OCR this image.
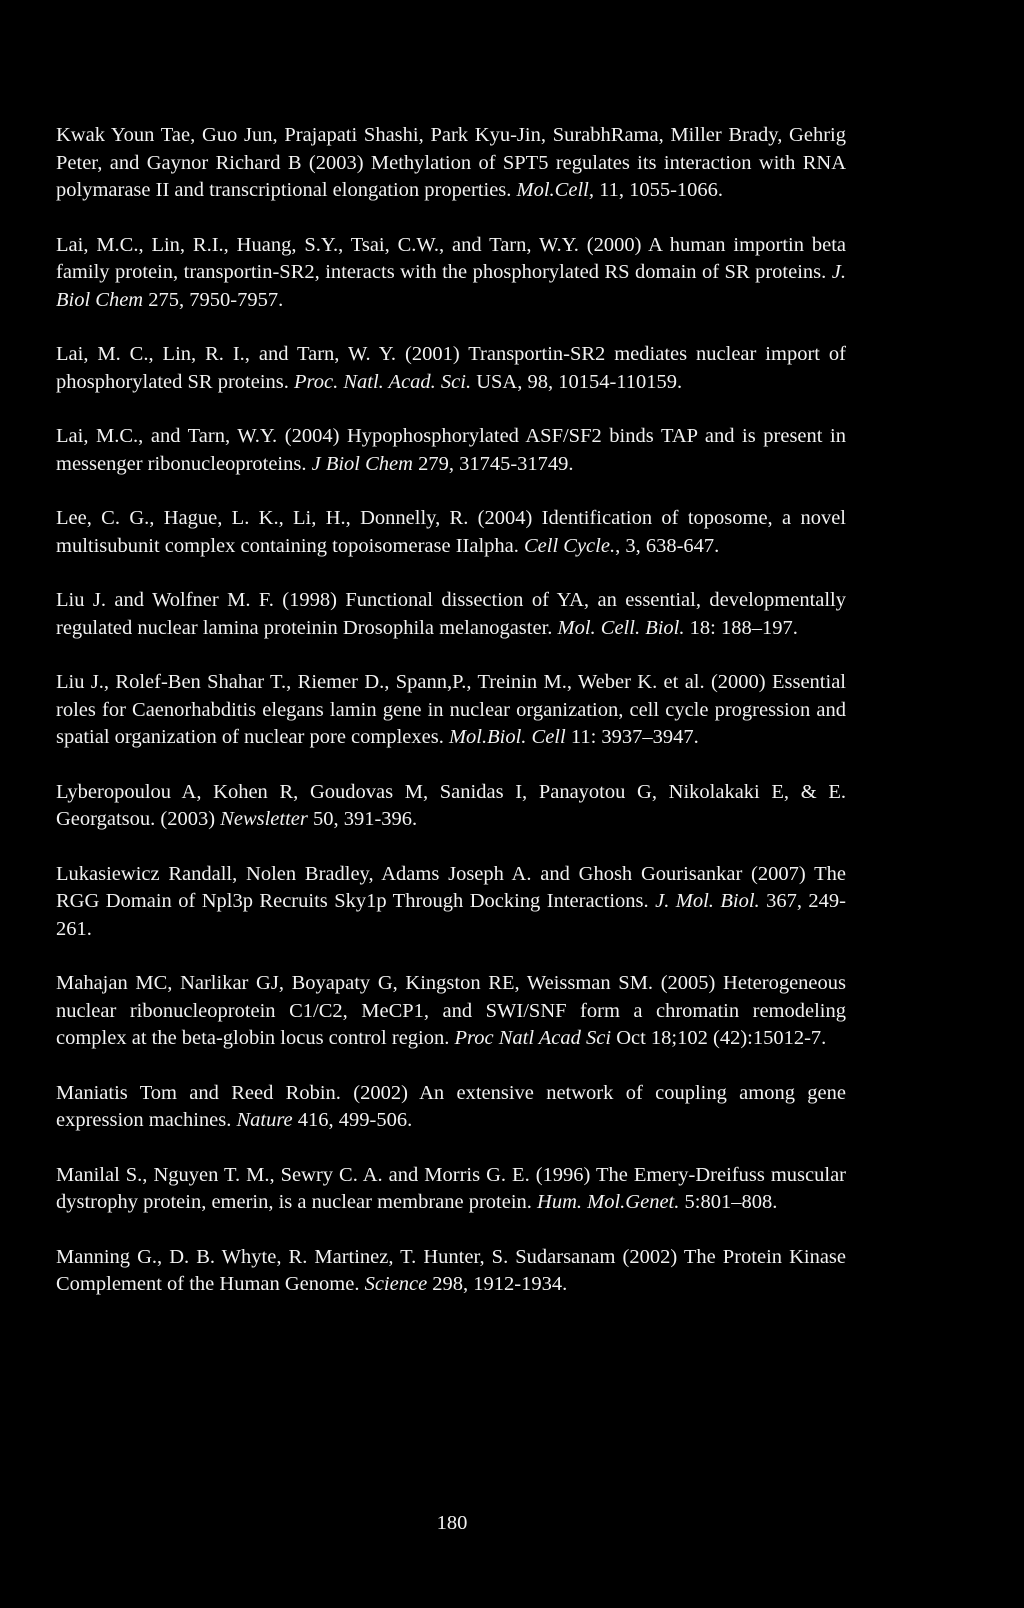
Kwak Youn Tae, Guo Jun, Prajapati Shashi, Park Kyu-Jin, SurabhRama, Miller Brady, Gehrig Peter, and Gaynor Richard B (2003) Methylation of SPT5 regulates its interaction with RNA polymarase II and transcriptional elongation properties. Mol.Cell, 11, 1055-1066.

Lai, M.C., Lin, R.I., Huang, S.Y., Tsai, C.W., and Tarn, W.Y. (2000) A human importin beta family protein, transportin-SR2, interacts with the phosphorylated RS domain of SR proteins. J. Biol Chem 275, 7950-7957.

Lai, M. C., Lin, R. I., and Tarn, W. Y. (2001) Transportin-SR2 mediates nuclear import of phosphorylated SR proteins. Proc. Natl. Acad. Sci. USA, 98, 10154-110159.

Lai, M.C., and Tarn, W.Y. (2004) Hypophosphorylated ASF/SF2 binds TAP and is present in messenger ribonucleoproteins. J Biol Chem 279, 31745-31749.

Lee, C. G., Hague, L. K., Li, H., Donnelly, R. (2004) Identification of toposome, a novel multisubunit complex containing topoisomerase IIalpha. Cell Cycle., 3, 638-647.

Liu J. and Wolfner M. F. (1998) Functional dissection of YA, an essential, developmentally regulated nuclear lamina proteinin Drosophila melanogaster. Mol. Cell. Biol. 18: 188–197.

Liu J., Rolef-Ben Shahar T., Riemer D., Spann,P., Treinin M., Weber K. et al. (2000) Essential roles for Caenorhabditis elegans lamin gene in nuclear organization, cell cycle progression and spatial organization of nuclear pore complexes. Mol.Biol. Cell 11: 3937–3947.

Lyberopoulou A, Kohen R, Goudovas M, Sanidas I, Panayotou G, Nikolakaki E, & E. Georgatsou. (2003) Newsletter 50, 391-396.

Lukasiewicz Randall, Nolen Bradley, Adams Joseph A. and Ghosh Gourisankar (2007) The RGG Domain of Npl3p Recruits Sky1p Through Docking Interactions. J. Mol. Biol. 367, 249-261.

Mahajan MC, Narlikar GJ, Boyapaty G, Kingston RE, Weissman SM. (2005) Heterogeneous nuclear ribonucleoprotein C1/C2, MeCP1, and SWI/SNF form a chromatin remodeling complex at the beta-globin locus control region. Proc Natl Acad Sci Oct 18;102 (42):15012-7.

Maniatis Tom and Reed Robin. (2002) An extensive network of coupling among gene expression machines. Nature 416, 499-506.

Manilal S., Nguyen T. M., Sewry C. A. and Morris G. E. (1996) The Emery-Dreifuss muscular dystrophy protein, emerin, is a nuclear membrane protein. Hum. Mol.Genet. 5:801–808.

Manning G., D. B. Whyte, R. Martinez, T. Hunter, S. Sudarsanam (2002) The Protein Kinase Complement of the Human Genome. Science 298, 1912-1934.

180
